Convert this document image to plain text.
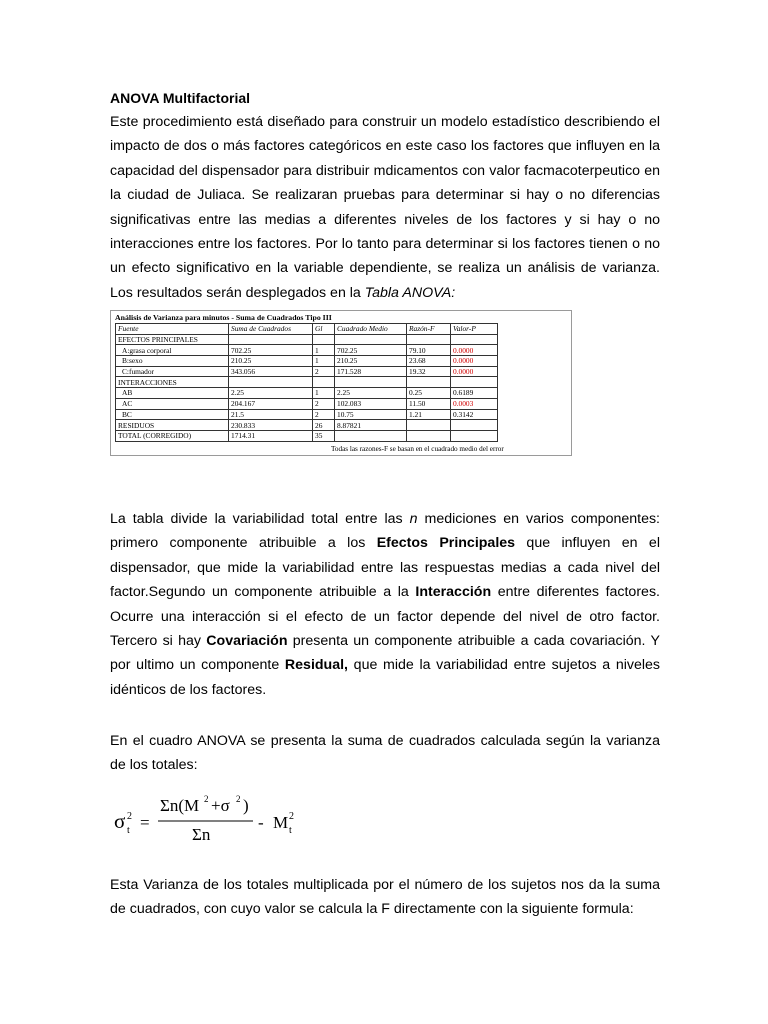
ANOVA Multifactorial

Este procedimiento está diseñado para construir un modelo estadístico describiendo el impacto de dos o más factores categóricos en este caso los factores que influyen en la capacidad del dispensador para distribuir mdicamentos con valor facmacoterpeutico en la ciudad de Juliaca. Se realizaran pruebas para determinar si hay o no diferencias significativas entre las medias a diferentes niveles de los factores y si hay o no interacciones entre los factores. Por lo tanto para determinar si los factores tienen o no un efecto significativo en la variable dependiente, se realiza un análisis de varianza. Los resultados serán desplegados en la Tabla ANOVA:

Análisis de Varianza para minutos - Suma de Cuadrados Tipo III
Fuente	Suma de Cuadrados	Gl	Cuadrado Medio	Razón-F	Valor-P
EFECTOS PRINCIPALES					
A:grasa corporal	702.25	1	702.25	79.10	0.0000
B:sexo	210.25	1	210.25	23.68	0.0000
C:fumador	343.056	2	171.528	19.32	0.0000
INTERACCIONES					
AB	2.25	1	2.25	0.25	0.6189
AC	204.167	2	102.083	11.50	0.0003
BC	21.5	2	10.75	1.21	0.3142
RESIDUOS	230.833	26	8.87821		
TOTAL (CORREGIDO)	1714.31	35			
Todas las razones-F se basan en el cuadrado medio del error

La tabla divide la variabilidad total entre las n mediciones en varios componentes: primero componente atribuible a los Efectos Principales que influyen en el dispensador, que mide la variabilidad entre las respuestas medias a cada nivel del factor.Segundo un componente atribuible a la Interacción entre diferentes factores. Ocurre una interacción si el efecto de un factor depende del nivel de otro factor. Tercero si hay Covariación presenta un componente atribuible a cada covariación. Y por ultimo un componente Residual, que mide la variabilidad entre sujetos a niveles idénticos de los factores.

En el cuadro ANOVA se presenta la suma de cuadrados calculada según la varianza de los totales:

σ 2
t =
Σn(M 2 +σ 2 )
Σn
- M 2
t

Esta Varianza de los totales multiplicada por el número de los sujetos nos da la suma de cuadrados, con cuyo valor se calcula la F directamente con la siguiente formula:
